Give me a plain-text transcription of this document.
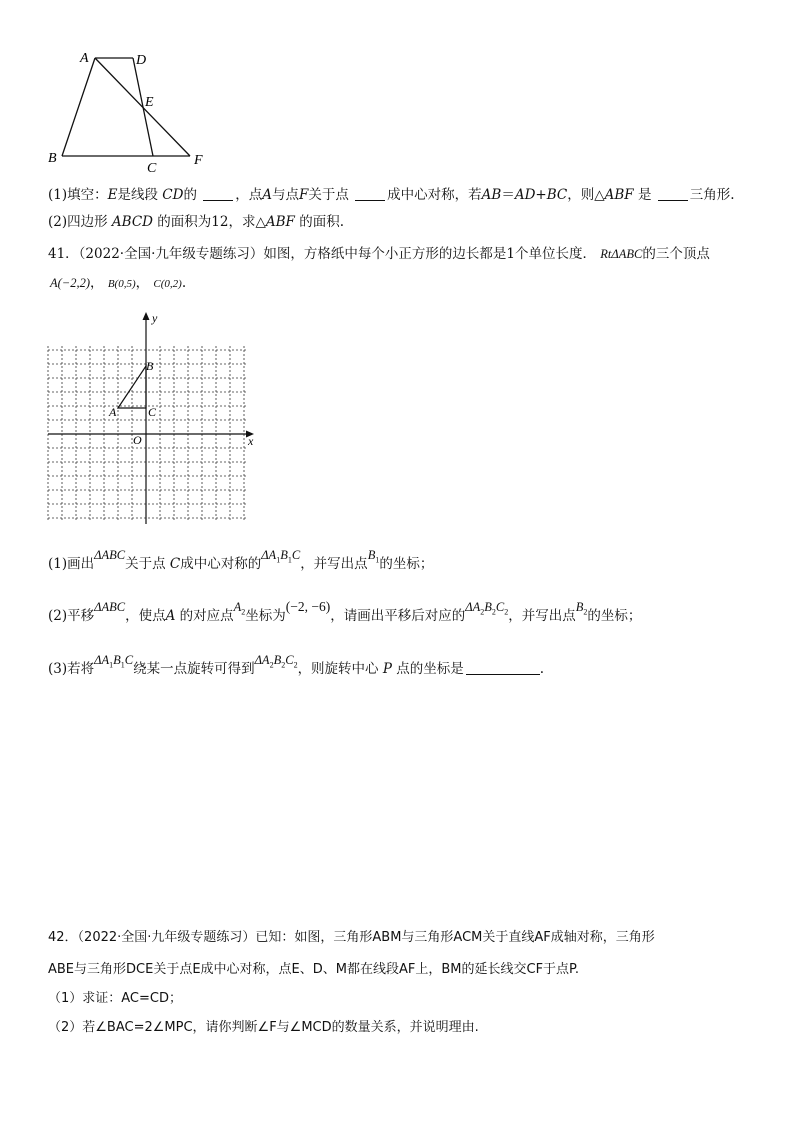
A	D
E
B
C
F
(1)填空：E是线段 CD的	，点A与点F关于点	成中心对称，若AB＝AD+BC，则△ABF 是	三角形.
(2)四边形 ABCD 的面积为12，求△ABF 的面积.
41．（2022·全国·九年级专题练习）如图，方格纸中每个小正方形的边长都是1个单位长度． RtΔABC的三个顶点
A(−2,2)， B(0,5)， C(0,2).
x
y
O
A
B
C
(1)画出ΔABC关于点 C成中心对称的$\Delta A_1B_1C$，并写出点$B_1$的坐标；
(2)平移ΔABC，使点A 的对应点$A_2$坐标为(−2, −6)，请画出平移后对应的$\Delta A_2B_2C_2$，并写出点$B_2$的坐标；
(3)若将$\Delta A_1B_1C$绕某一点旋转可得到$\Delta A_2B_2C_2$，则旋转中心 P 点的坐标是	.
42．（2022·全国·九年级专题练习）已知：如图，三角形ABM与三角形ACM关于直线AF成轴对称，三角形
ABE与三角形DCE关于点E成中心对称，点E、D、M都在线段AF上，BM的延长线交CF于点P.
（1）求证：AC=CD；
（2）若∠BAC=2∠MPC，请你判断∠F与∠MCD的数量关系，并说明理由.
